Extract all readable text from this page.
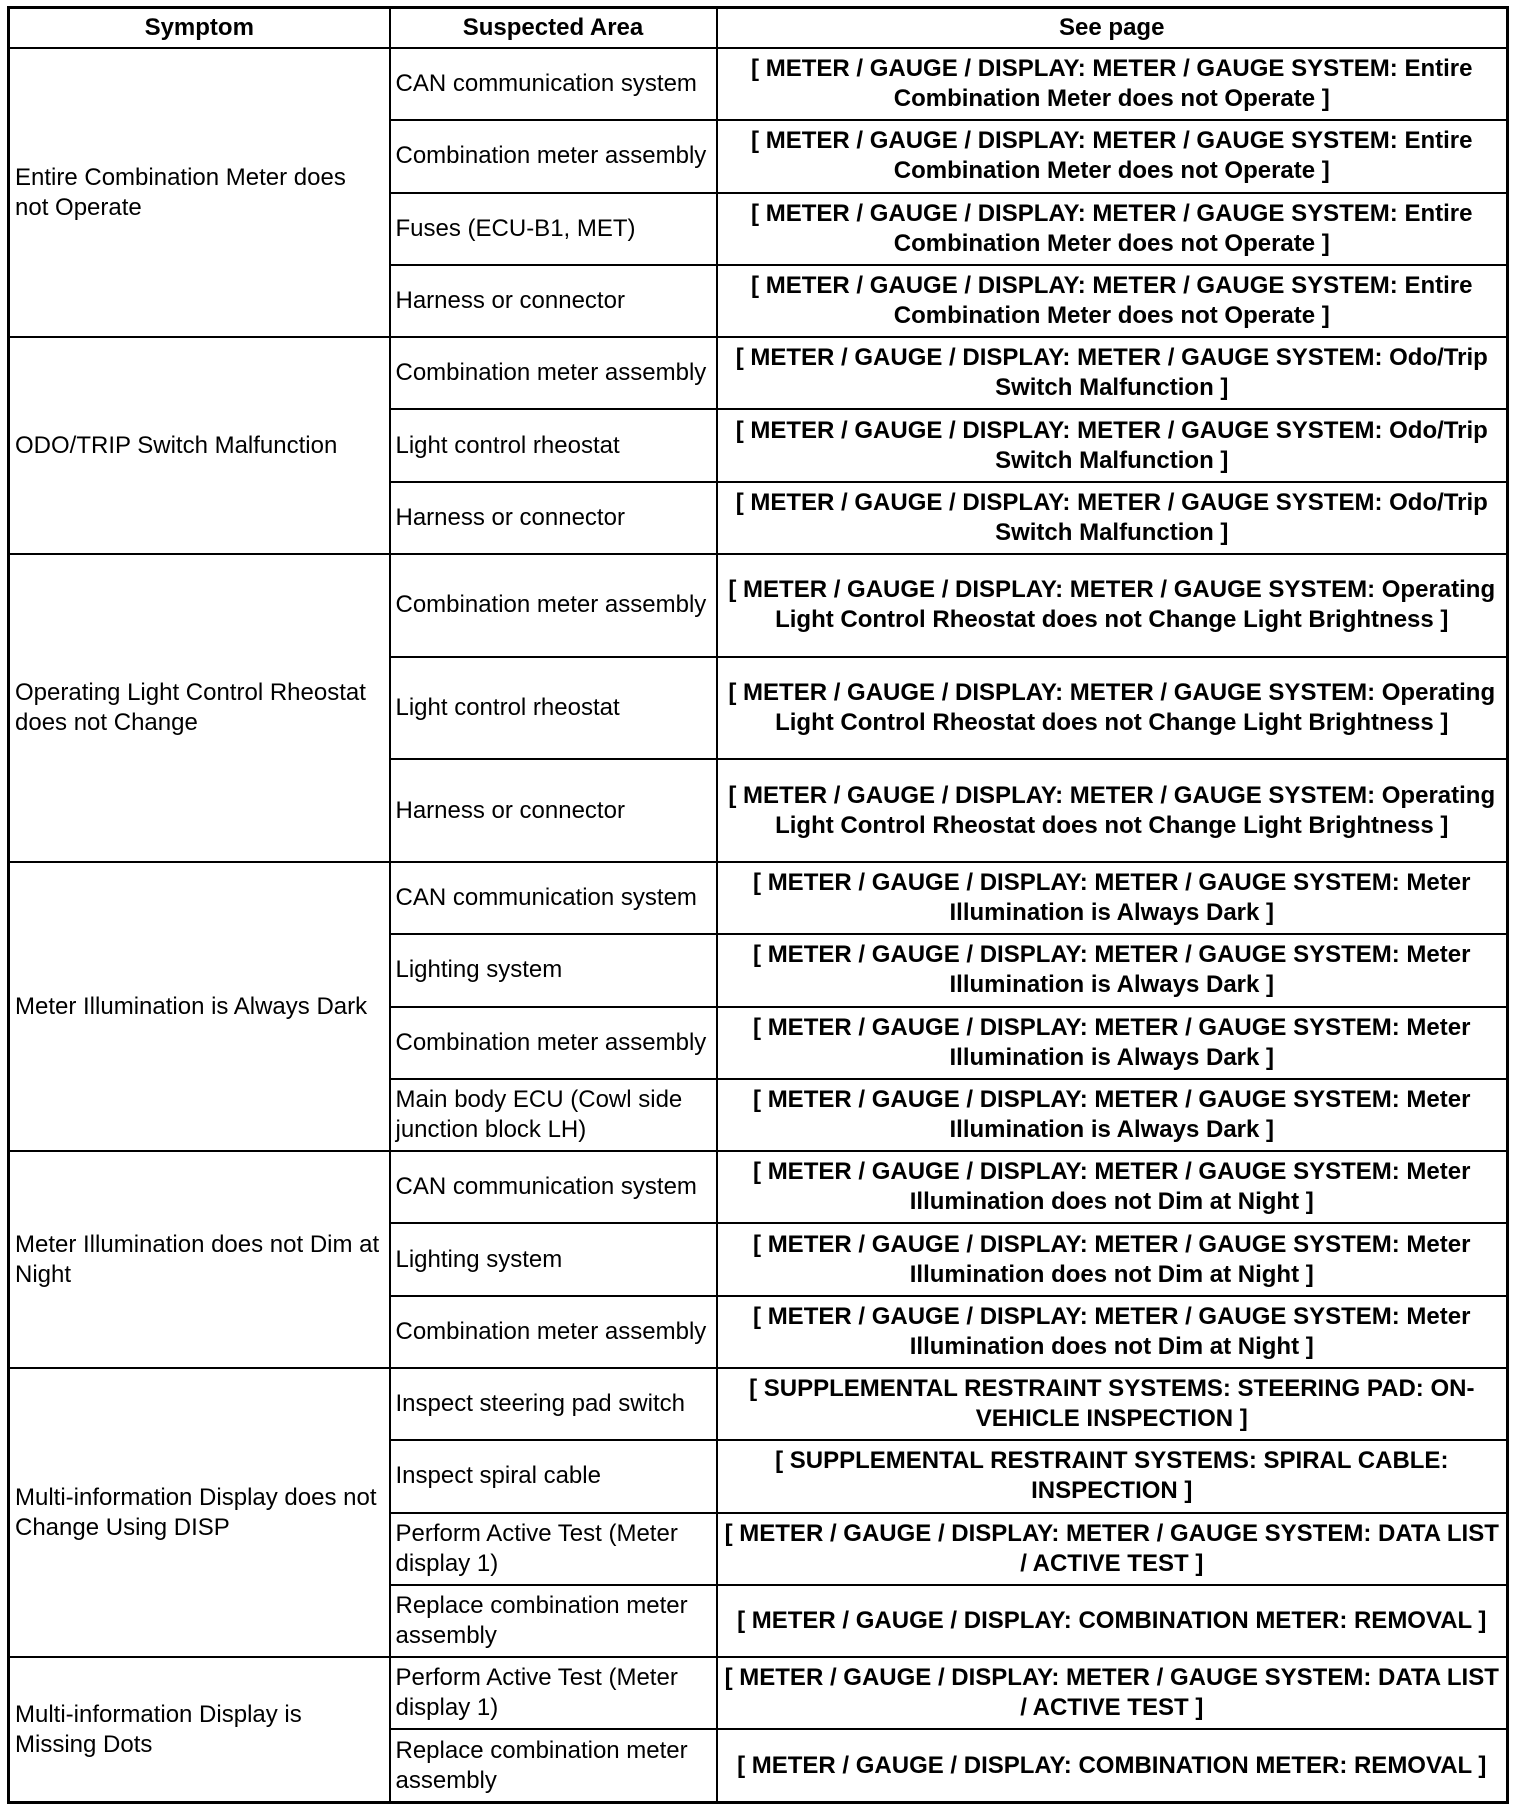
Symptom	Suspected Area	See page
Entire Combination Meter does not Operate	CAN communication system	[ METER / GAUGE / DISPLAY: METER / GAUGE SYSTEM: Entire Combination Meter does not Operate ]
	Combination meter assembly	[ METER / GAUGE / DISPLAY: METER / GAUGE SYSTEM: Entire Combination Meter does not Operate ]
	Fuses (ECU-B1, MET)	[ METER / GAUGE / DISPLAY: METER / GAUGE SYSTEM: Entire Combination Meter does not Operate ]
	Harness or connector	[ METER / GAUGE / DISPLAY: METER / GAUGE SYSTEM: Entire Combination Meter does not Operate ]
ODO/TRIP Switch Malfunction	Combination meter assembly	[ METER / GAUGE / DISPLAY: METER / GAUGE SYSTEM: Odo/Trip Switch Malfunction ]
	Light control rheostat	[ METER / GAUGE / DISPLAY: METER / GAUGE SYSTEM: Odo/Trip Switch Malfunction ]
	Harness or connector	[ METER / GAUGE / DISPLAY: METER / GAUGE SYSTEM: Odo/Trip Switch Malfunction ]
Operating Light Control Rheostat does not Change	Combination meter assembly	[ METER / GAUGE / DISPLAY: METER / GAUGE SYSTEM: Operating Light Control Rheostat does not Change Light Brightness ]
	Light control rheostat	[ METER / GAUGE / DISPLAY: METER / GAUGE SYSTEM: Operating Light Control Rheostat does not Change Light Brightness ]
	Harness or connector	[ METER / GAUGE / DISPLAY: METER / GAUGE SYSTEM: Operating Light Control Rheostat does not Change Light Brightness ]
Meter Illumination is Always Dark	CAN communication system	[ METER / GAUGE / DISPLAY: METER / GAUGE SYSTEM: Meter Illumination is Always Dark ]
	Lighting system	[ METER / GAUGE / DISPLAY: METER / GAUGE SYSTEM: Meter Illumination is Always Dark ]
	Combination meter assembly	[ METER / GAUGE / DISPLAY: METER / GAUGE SYSTEM: Meter Illumination is Always Dark ]
	Main body ECU (Cowl side junction block LH)	[ METER / GAUGE / DISPLAY: METER / GAUGE SYSTEM: Meter Illumination is Always Dark ]
Meter Illumination does not Dim at Night	CAN communication system	[ METER / GAUGE / DISPLAY: METER / GAUGE SYSTEM: Meter Illumination does not Dim at Night ]
	Lighting system	[ METER / GAUGE / DISPLAY: METER / GAUGE SYSTEM: Meter Illumination does not Dim at Night ]
	Combination meter assembly	[ METER / GAUGE / DISPLAY: METER / GAUGE SYSTEM: Meter Illumination does not Dim at Night ]
Multi-information Display does not Change Using DISP	Inspect steering pad switch	[ SUPPLEMENTAL RESTRAINT SYSTEMS: STEERING PAD: ON-VEHICLE INSPECTION ]
	Inspect spiral cable	[ SUPPLEMENTAL RESTRAINT SYSTEMS: SPIRAL CABLE: INSPECTION ]
	Perform Active Test (Meter display 1)	[ METER / GAUGE / DISPLAY: METER / GAUGE SYSTEM: DATA LIST / ACTIVE TEST ]
	Replace combination meter assembly	[ METER / GAUGE / DISPLAY: COMBINATION METER: REMOVAL ]
Multi-information Display is Missing Dots	Perform Active Test (Meter display 1)	[ METER / GAUGE / DISPLAY: METER / GAUGE SYSTEM: DATA LIST / ACTIVE TEST ]
	Replace combination meter assembly	[ METER / GAUGE / DISPLAY: COMBINATION METER: REMOVAL ]
